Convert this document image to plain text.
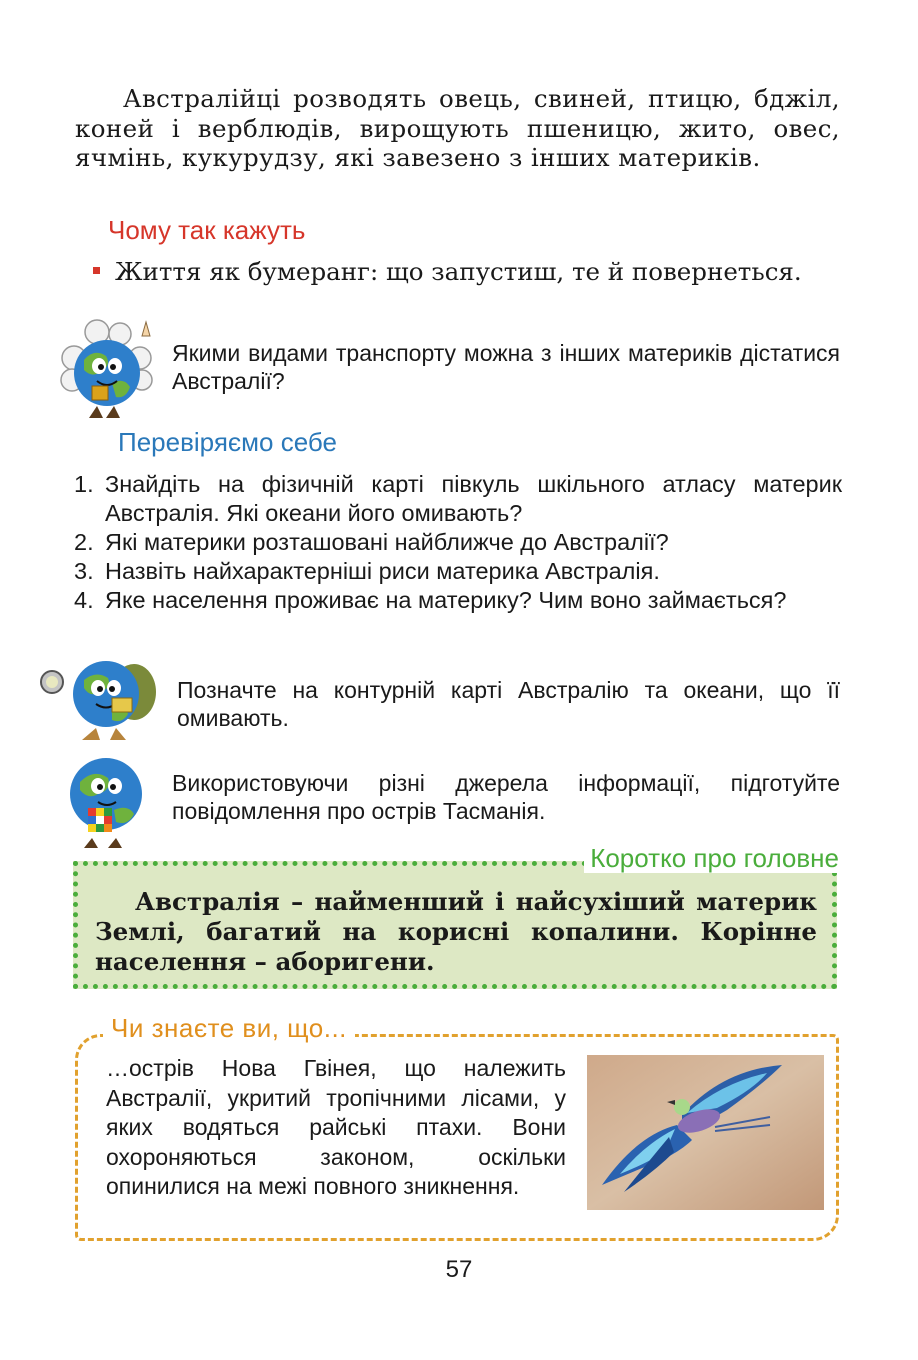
Австралійці розводять овець, свиней, птицю, бджіл, коней і верблюдів, вирощують пшеницю, жито, овес, ячмінь, кукурудзу, які завезено з інших материків.
Чому так кажуть
Життя як бумеранг: що запустиш, те й повернеться.
Якими видами транспорту можна з інших материків дістатися Австралії?
Перевіряємо себе
1. Знайдіть на фізичній карті півкуль шкільного атласу материк Австралія. Які океани його омивають?
2. Які материки розташовані найближче до Австралії?
3. Назвіть найхарактерніші риси материка Австралія.
4. Яке населення проживає на материку? Чим воно займається?
Позначте на контурній карті Австралію та океани, що її омивають.
Використовуючи різні джерела інформації, підготуйте повідомлення про острів Тасманія.
Коротко про головне
Австралія – найменший і найсухіший материк Землі, багатий на корисні копалини. Корінне населення – аборигени.
Чи знаєте ви, що...
…острів Нова Гвінея, що належить Австралії, укритий тропічними лісами, у яких водяться райські птахи. Вони охороняються законом, оскільки опинилися на межі повного зникнення.
57
